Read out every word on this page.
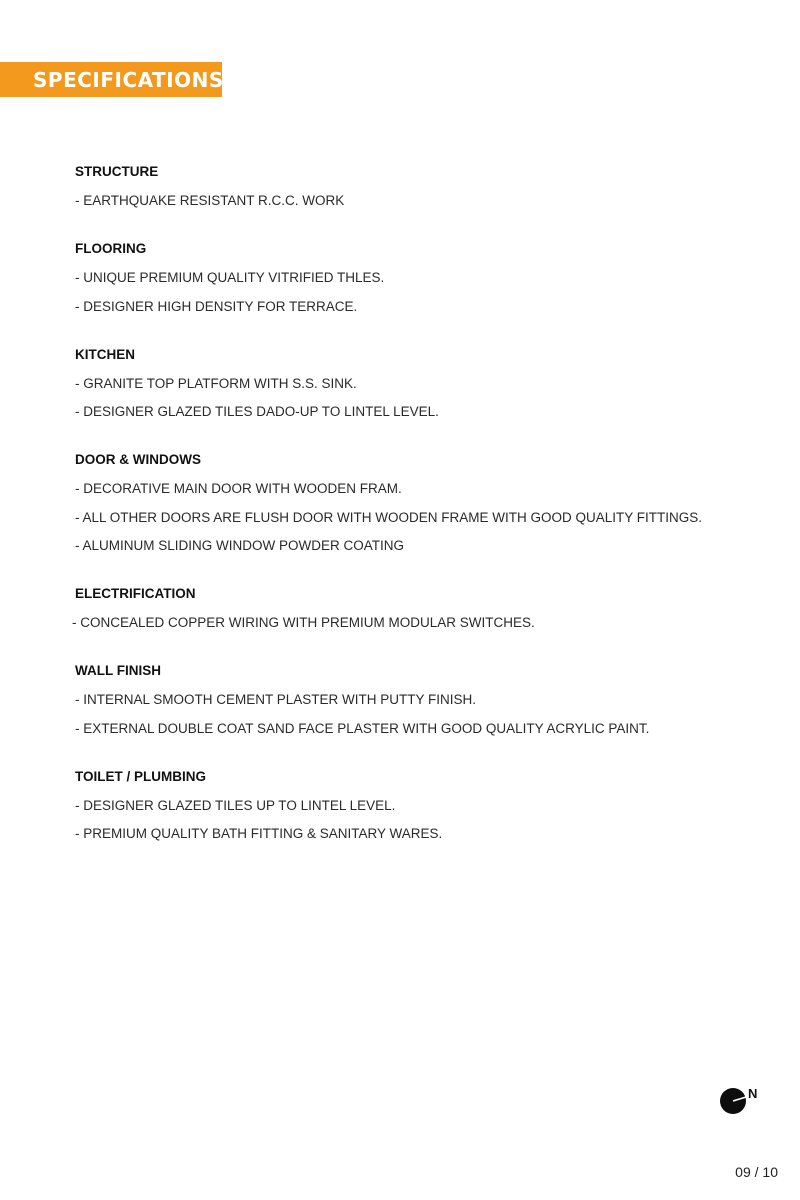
SPECIFICATIONS
STRUCTURE
- EARTHQUAKE RESISTANT R.C.C. WORK
FLOORING
- UNIQUE PREMIUM QUALITY VITRIFIED THLES.
- DESIGNER HIGH DENSITY FOR TERRACE.
KITCHEN
- GRANITE TOP PLATFORM WITH S.S. SINK.
- DESIGNER GLAZED TILES DADO-UP TO LINTEL LEVEL.
DOOR & WINDOWS
- DECORATIVE MAIN DOOR WITH WOODEN FRAM.
- ALL OTHER DOORS ARE FLUSH DOOR WITH WOODEN FRAME WITH GOOD QUALITY FITTINGS.
- ALUMINUM SLIDING WINDOW POWDER COATING
ELECTRIFICATION
- CONCEALED COPPER WIRING WITH PREMIUM MODULAR SWITCHES.
WALL FINISH
- INTERNAL SMOOTH CEMENT PLASTER WITH PUTTY FINISH.
- EXTERNAL DOUBLE COAT SAND FACE PLASTER WITH GOOD QUALITY ACRYLIC PAINT.
TOILET / PLUMBING
- DESIGNER GLAZED TILES UP TO LINTEL LEVEL.
- PREMIUM QUALITY BATH FITTING & SANITARY WARES.
N
09 / 10
